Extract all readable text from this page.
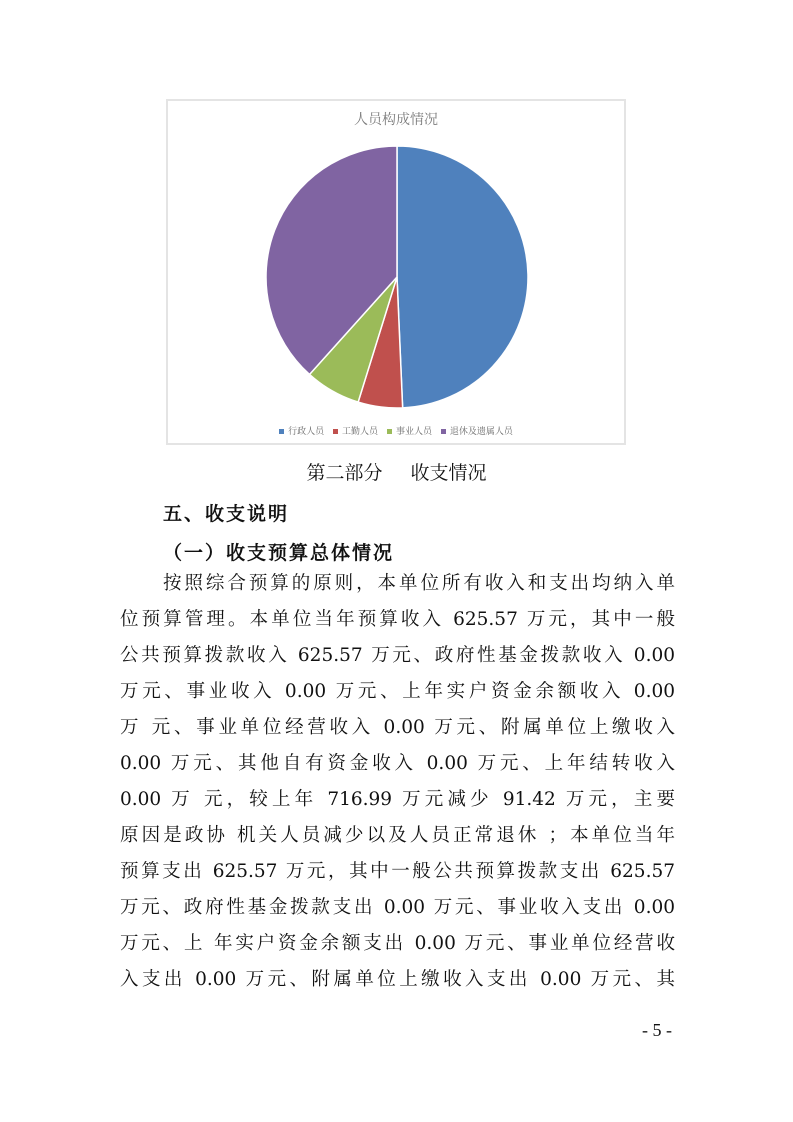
人员构成情况
行政人员 工勤人员 事业人员 退休及遗属人员
第二部分 收支情况
五、收支说明
（一）收支预算总体情况
按照综合预算的原则，本单位所有收入和支出均纳入单
位预算管理。本单位当年预算收入 625.57 万元，其中一般
公共预算拨款收入 625.57 万元、政府性基金拨款收入 0.00
万元、事业收入 0.00 万元、上年实户资金余额收入 0.00
万 元、事业单位经营收入 0.00 万元、附属单位上缴收入
0.00 万元、其他自有资金收入 0.00 万元、上年结转收入
0.00 万 元，较上年 716.99 万元减少 91.42 万元，主要
原因是政协 机关人员减少以及人员正常退休 ；本单位当年
预算支出 625.57 万元，其中一般公共预算拨款支出 625.57
万元、政府性基金拨款支出 0.00 万元、事业收入支出 0.00
万元、上 年实户资金余额支出 0.00 万元、事业单位经营收
入支出 0.00 万元、附属单位上缴收入支出 0.00 万元、其
- 5 -
